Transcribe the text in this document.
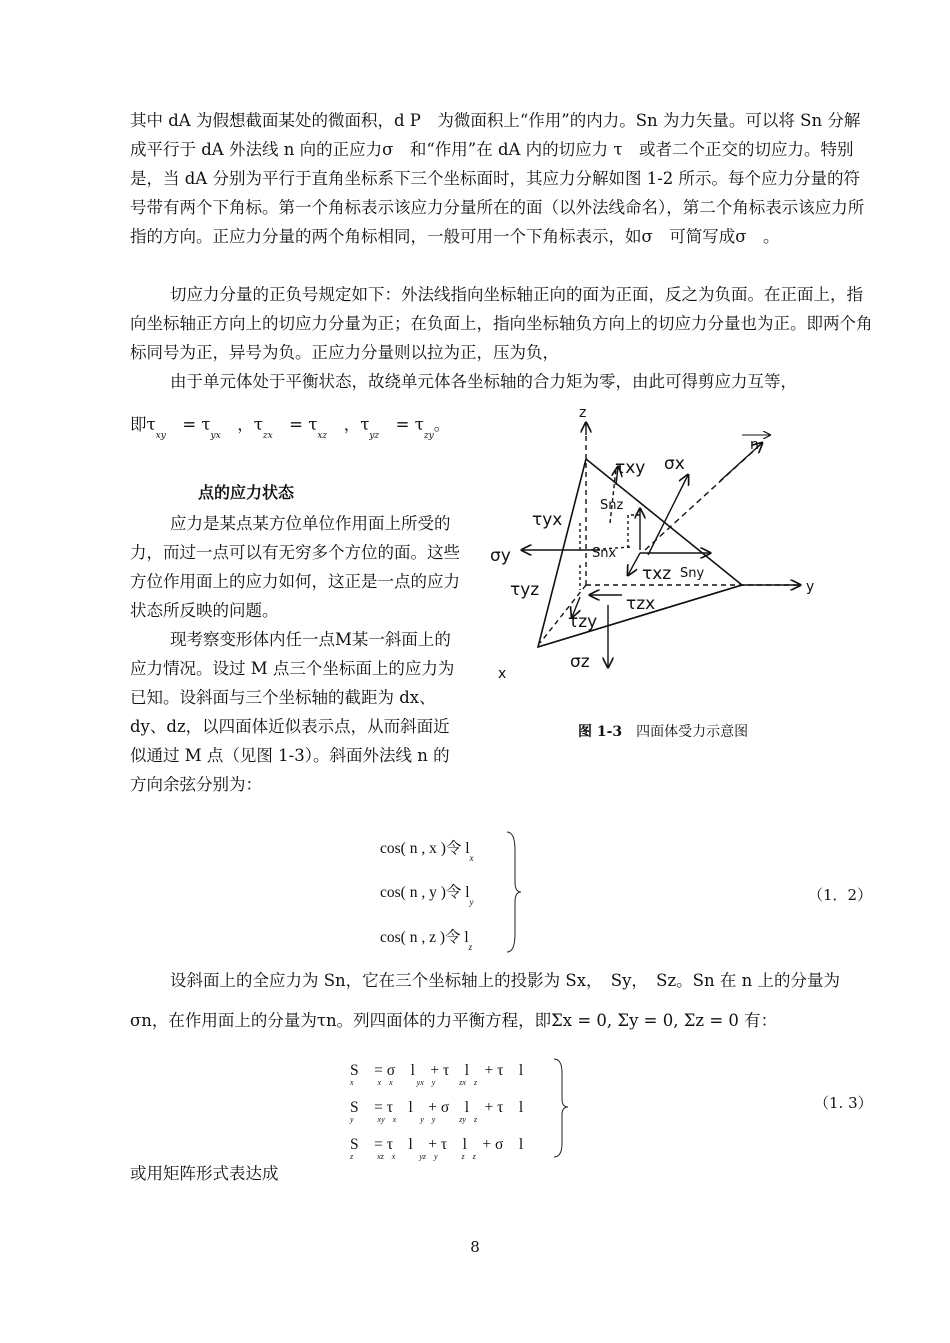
其中 dA 为假想截面某处的微面积，d P　为微面积上“作用”的内力。Sn 为力矢量。可以将 Sn 分解成平行于 dA 外法线 n 向的正应力σ　和“作用”在 dA 内的切应力 τ　或者二个正交的切应力。特别是，当 dA 分别为平行于直角坐标系下三个坐标面时，其应力分解如图 1-2 所示。每个应力分量的符号带有两个下角标。第一个角标表示该应力分量所在的面（以外法线命名），第二个角标表示该应力所指的方向。正应力分量的两个角标相同，一般可用一个下角标表示，如σ　可简写成σ　。

切应力分量的正负号规定如下：外法线指向坐标轴正向的面为正面，反之为负面。在正面上，指向坐标轴正方向上的切应力分量为正；在负面上，指向坐标轴负方向上的切应力分量也为正。即两个角标同号为正，异号为负。正应力分量则以拉为正，压为负，

由于单元体处于平衡状态，故绕单元体各坐标轴的合力矩为零，由此可得剪应力互等，

即$\tau_{xy}$　= $\tau_{yx}$　，$\tau_{zx}$　= $\tau_{xz}$　，$\tau_{yz}$　= $\tau_{zy}$。
点的应力状态

应力是某点某方位单位作用面上所受的力，而过一点可以有无穷多个方位的面。这些方位作用面上的应力如何，这正是一点的应力状态所反映的问题。

现考察变形体内任一点M某一斜面上的应力情况。设过 M 点三个坐标面上的应力为已知。设斜面与三个坐标轴的截距为 dx、dy、dz，以四面体近似表示点，从而斜面近似通过 M 点（见图 1-3）。斜面外法线 n 的方向余弦分别为：

z
y
x
n
τxy σx
Snz
τyx
σy	Snx
τxz Sny
τyz
τzx
τzy
σz
图 1-3　 四面体受力示意图
cos( n , x )令 $l_x$
cos( n , y )令 $l_y$
cos( n , z )令 $l_z$
（1．2）

设斜面上的全应力为 Sn，它在三个坐标轴上的投影为 Sx，　Sy，　Sz。Sn 在 n 上的分量为σn，在作用面上的分量为τn。列四面体的力平衡方程，即Σx = 0, Σy = 0, Σz = 0 有：

S　= σ　l　+ τ　l　+ τ　l
x　　　x　x　　　yx　y　　　zx　z
S　= τ　l　+ σ　l　+ τ　l
y　　　xy　x　　　y　y　　　zy　z
S　= τ　l　+ τ　l　+ σ　l
z　　　xz　x　　　yz　y　　　z　z
（1. 3）

或用矩阵形式表达成

8
